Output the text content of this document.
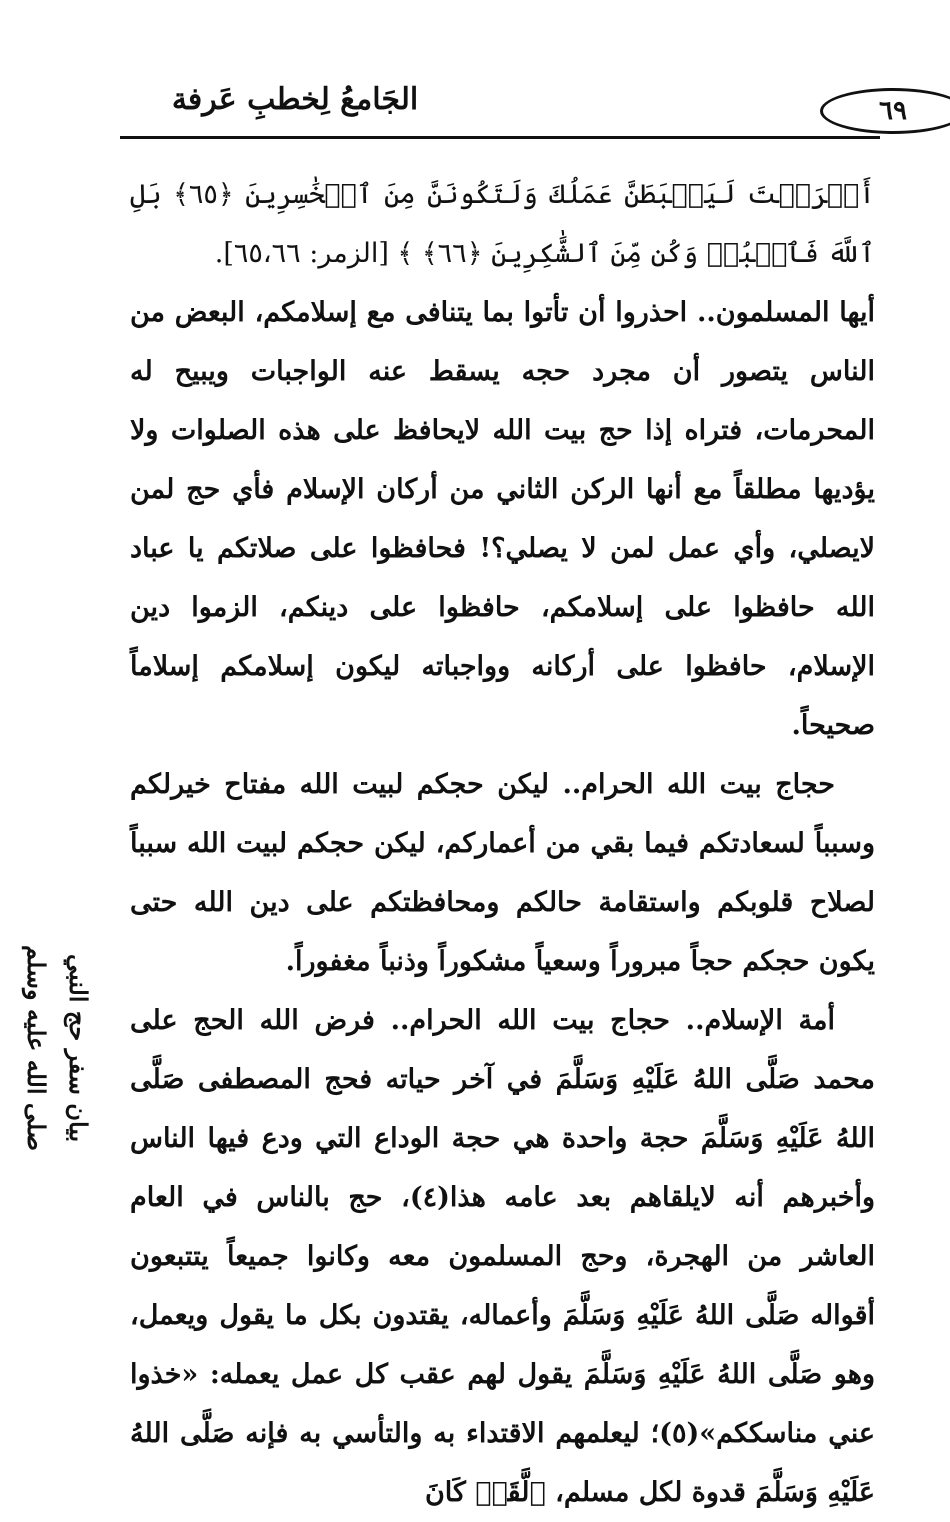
٦٩
الجَامعُ لِخطبِ عَرفة

أَشۡرَكۡتَ لَيَحۡبَطَنَّ عَمَلُكَ وَلَتَكُونَنَّ مِنَ ٱلۡخَٰسِرِينَ ﴿٦٥﴾ بَلِ ٱللَّهَ فَٱعۡبُدۡ وَكُن مِّنَ ٱلشَّٰكِرِينَ ﴿٦٦﴾ ﴾ [الزمر: ٦٥،٦٦].

أيها المسلمون.. احذروا أن تأتوا بما يتنافى مع إسلامكم، البعض من الناس يتصور أن مجرد حجه يسقط عنه الواجبات ويبيح له المحرمات، فتراه إذا حج بيت الله لايحافظ على هذه الصلوات ولا يؤديها مطلقاً مع أنها الركن الثاني من أركان الإسلام فأي حج لمن لايصلي، وأي عمل لمن لا يصلي؟! فحافظوا على صلاتكم يا عباد الله حافظوا على إسلامكم، حافظوا على دينكم، الزموا دين الإسلام، حافظوا على أركانه وواجباته ليكون إسلامكم إسلاماً صحيحاً.

حجاج بيت الله الحرام.. ليكن حجكم لبيت الله مفتاح خيرلكم وسبباً لسعادتكم فيما بقي من أعماركم، ليكن حجكم لبيت الله سبباً لصلاح قلوبكم واستقامة حالكم ومحافظتكم على دين الله حتى يكون حجكم حجاً مبروراً وسعياً مشكوراً وذنباً مغفوراً.

أمة الإسلام.. حجاج بيت الله الحرام.. فرض الله الحج على محمد صَلَّى اللهُ عَلَيْهِ وَسَلَّمَ في آخر حياته فحج المصطفى صَلَّى اللهُ عَلَيْهِ وَسَلَّمَ حجة واحدة هي حجة الوداع التي ودع فيها الناس وأخبرهم أنه لايلقاهم بعد عامه هذا(٤)، حج بالناس في العام العاشر من الهجرة، وحج المسلمون معه وكانوا جميعاً يتتبعون أقواله صَلَّى اللهُ عَلَيْهِ وَسَلَّمَ وأعماله، يقتدون بكل ما يقول ويعمل، وهو صَلَّى اللهُ عَلَيْهِ وَسَلَّمَ يقول لهم عقب كل عمل يعمله: «خذوا عني مناسككم»(٥)؛ ليعلمهم الاقتداء به والتأسي به فإنه صَلَّى اللهُ عَلَيْهِ وَسَلَّمَ قدوة لكل مسلم، ﴿لَّقَدۡ كَانَ

بيان سفر حج النبي
صلى الله عليه وسلم
